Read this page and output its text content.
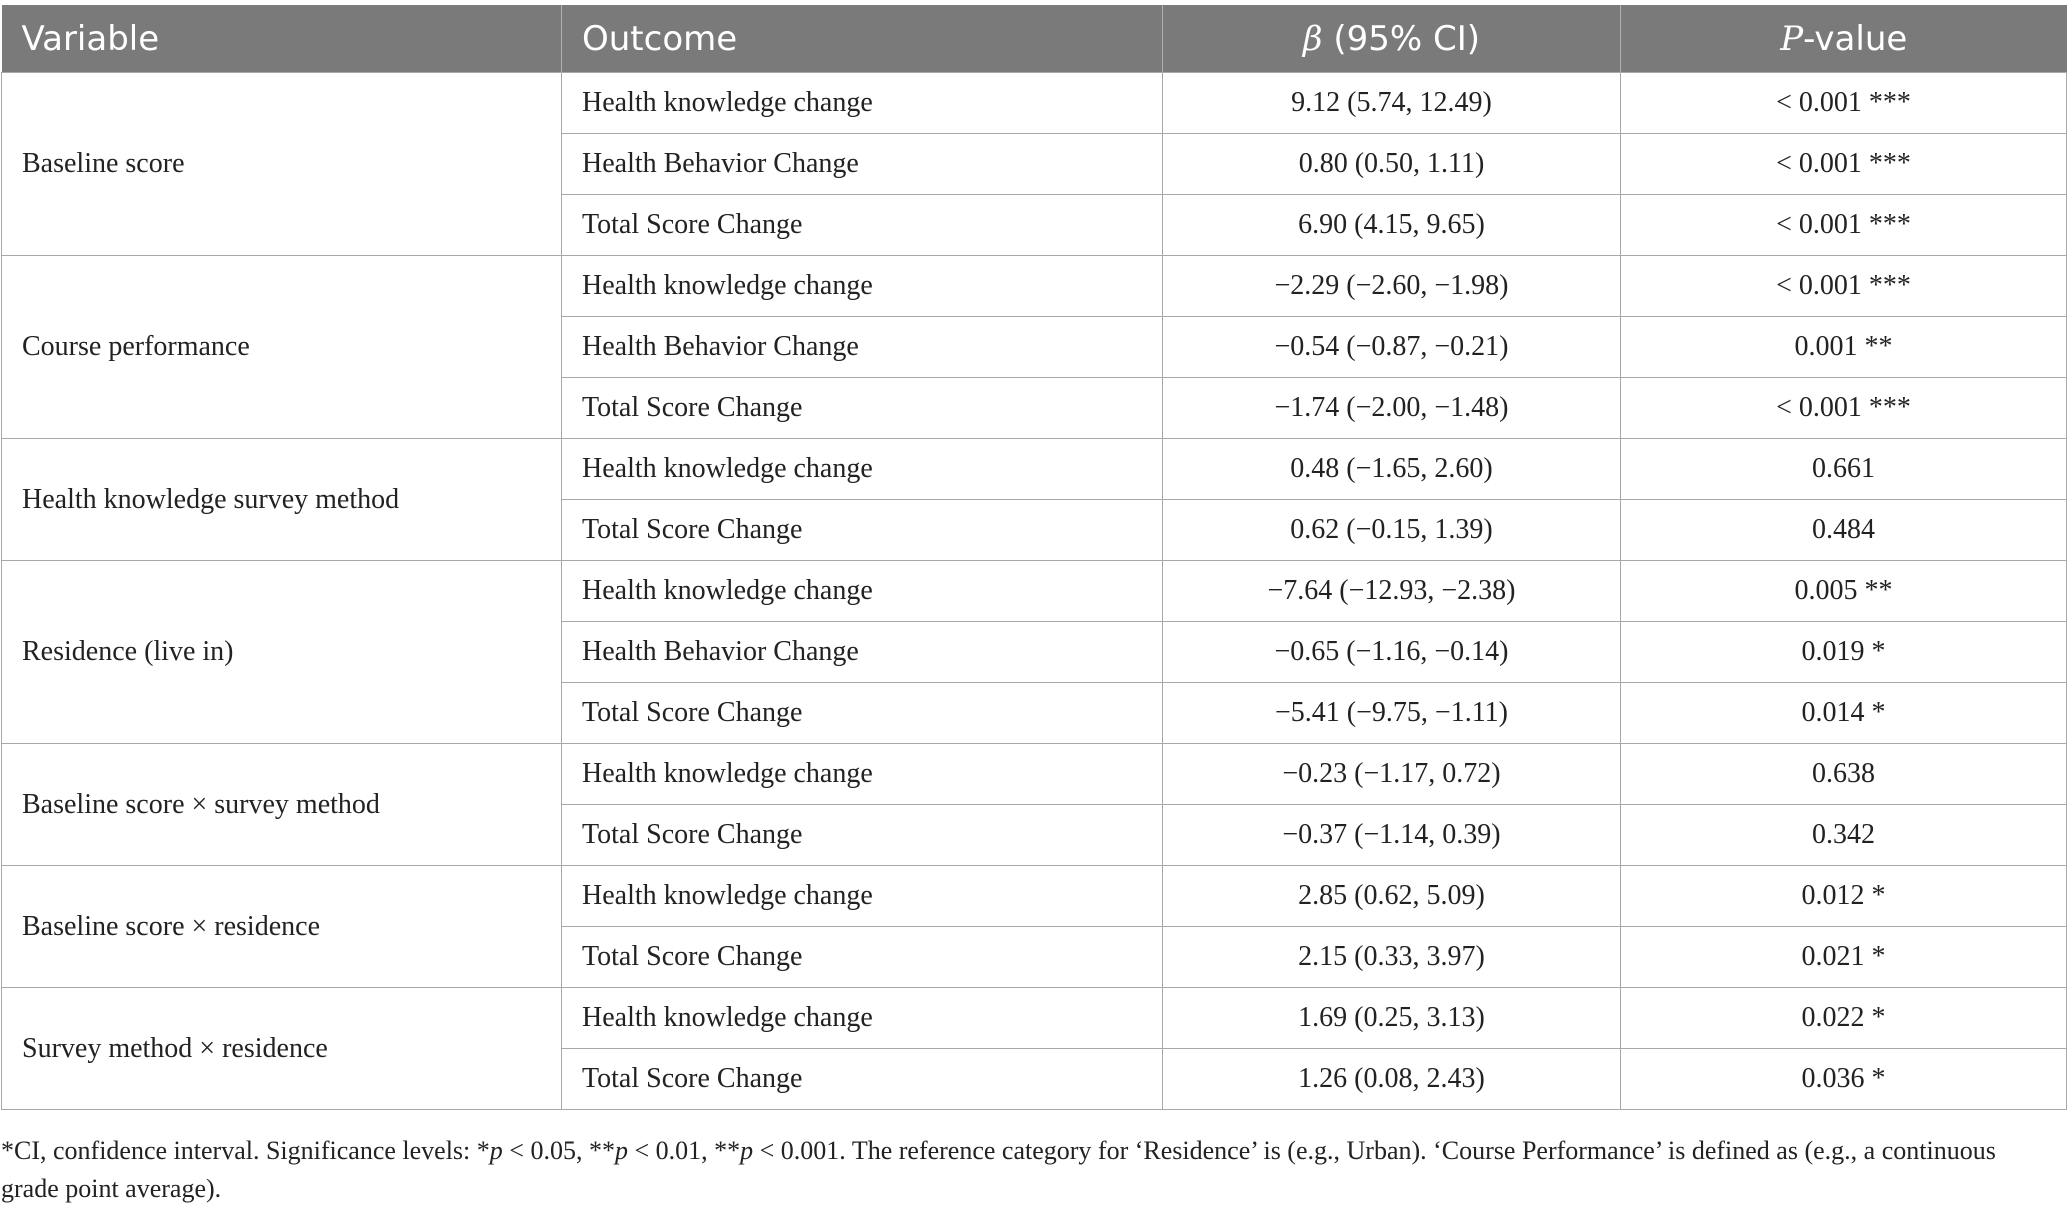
Variable	Outcome	β (95% CI)	P-value
Baseline score	Health knowledge change	9.12 (5.74, 12.49)	< 0.001 ***
	Health Behavior Change	0.80 (0.50, 1.11)	< 0.001 ***
	Total Score Change	6.90 (4.15, 9.65)	< 0.001 ***
Course performance	Health knowledge change	−2.29 (−2.60, −1.98)	< 0.001 ***
	Health Behavior Change	−0.54 (−0.87, −0.21)	0.001 **
	Total Score Change	−1.74 (−2.00, −1.48)	< 0.001 ***
Health knowledge survey method	Health knowledge change	0.48 (−1.65, 2.60)	0.661
	Total Score Change	0.62 (−0.15, 1.39)	0.484
Residence (live in)	Health knowledge change	−7.64 (−12.93, −2.38)	0.005 **
	Health Behavior Change	−0.65 (−1.16, −0.14)	0.019 *
	Total Score Change	−5.41 (−9.75, −1.11)	0.014 *
Baseline score × survey method	Health knowledge change	−0.23 (−1.17, 0.72)	0.638
	Total Score Change	−0.37 (−1.14, 0.39)	0.342
Baseline score × residence	Health knowledge change	2.85 (0.62, 5.09)	0.012 *
	Total Score Change	2.15 (0.33, 3.97)	0.021 *
Survey method × residence	Health knowledge change	1.69 (0.25, 3.13)	0.022 *
	Total Score Change	1.26 (0.08, 2.43)	0.036 *
*CI, confidence interval. Significance levels: *p < 0.05, **p < 0.01, **p < 0.001. The reference category for ‘Residence’ is (e.g., Urban). ‘Course Performance’ is defined as (e.g., a continuous grade point average).
